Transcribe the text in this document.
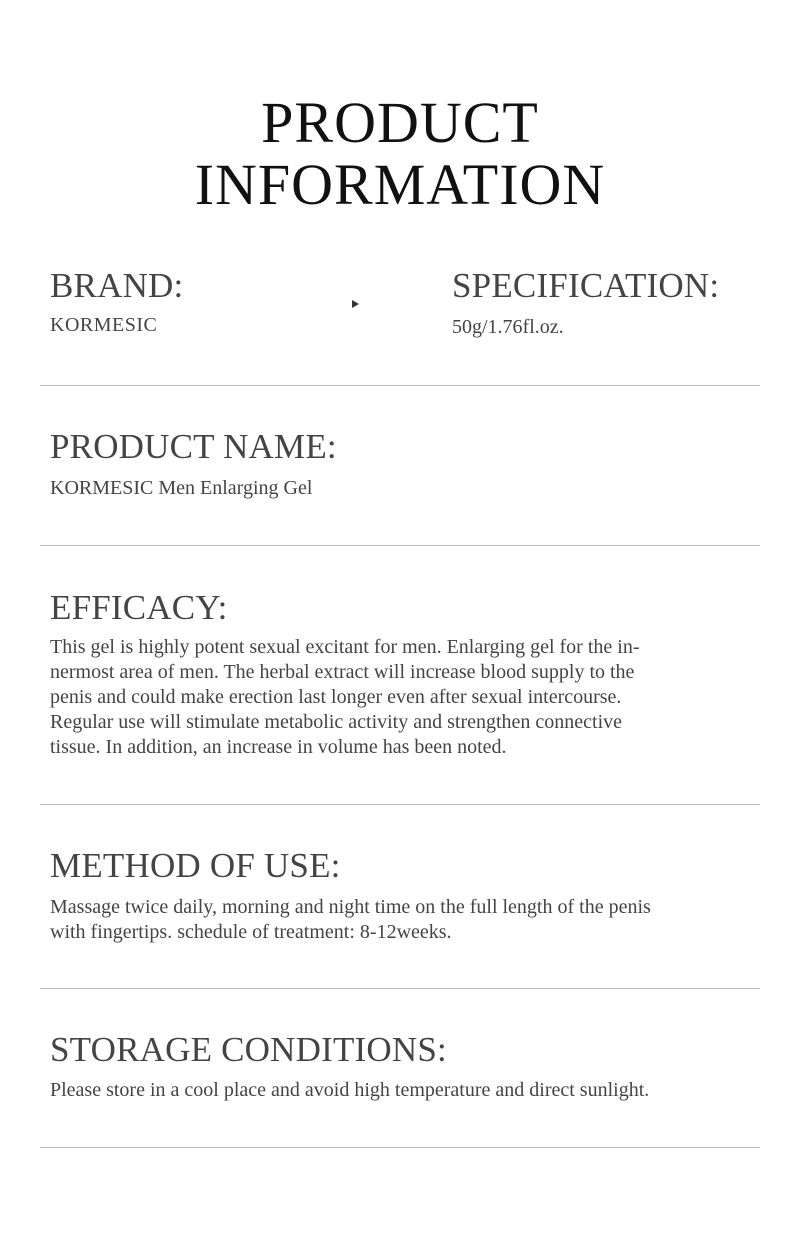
PRODUCT
INFORMATION
BRAND:
KORMESIC
SPECIFICATION:
50g/1.76fl.oz.
PRODUCT NAME:
KORMESIC Men Enlarging Gel
EFFICACY:
This gel is highly potent sexual excitant for men. Enlarging gel for the in-
nermost area of men. The herbal extract will increase blood supply to the
penis and could make erection last longer even after sexual intercourse.
Regular use will stimulate metabolic activity and strengthen connective
tissue. In addition, an increase in volume has been noted.
METHOD OF USE:
Massage twice daily, morning and night time on the full length of the penis
with fingertips. schedule of treatment: 8-12weeks.
STORAGE CONDITIONS:
Please store in a cool place and avoid high temperature and direct sunlight.
